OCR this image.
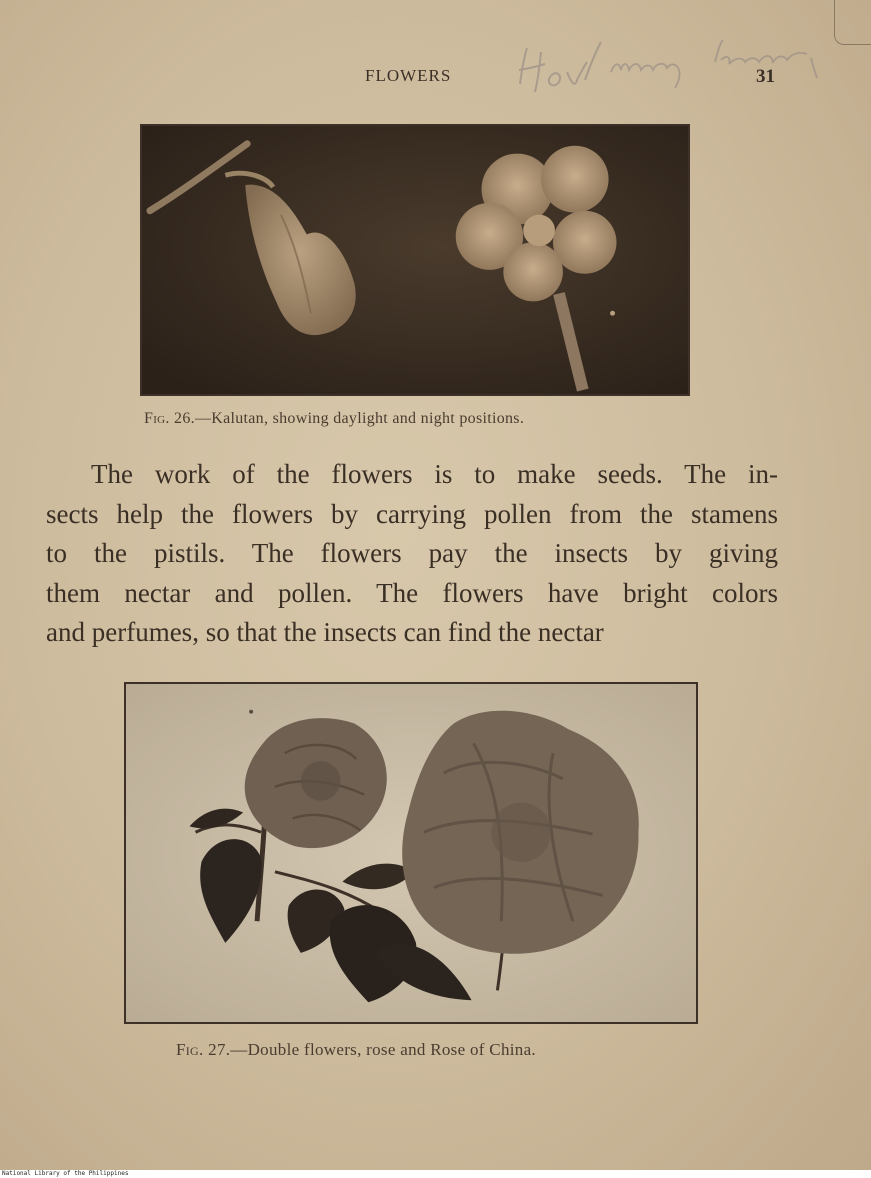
FLOWERS	31
Fig. 26.—Kalutan, showing daylight and night positions.
The work of the flowers is to make seeds. The in-
sects help the flowers by carrying pollen from the stamens
to the pistils. The flowers pay the insects by giving
them nectar and pollen. The flowers have bright colors
and perfumes, so that the insects can find the nectar
Fig. 27.—Double flowers, rose and Rose of China.
National Library of the Philippines
